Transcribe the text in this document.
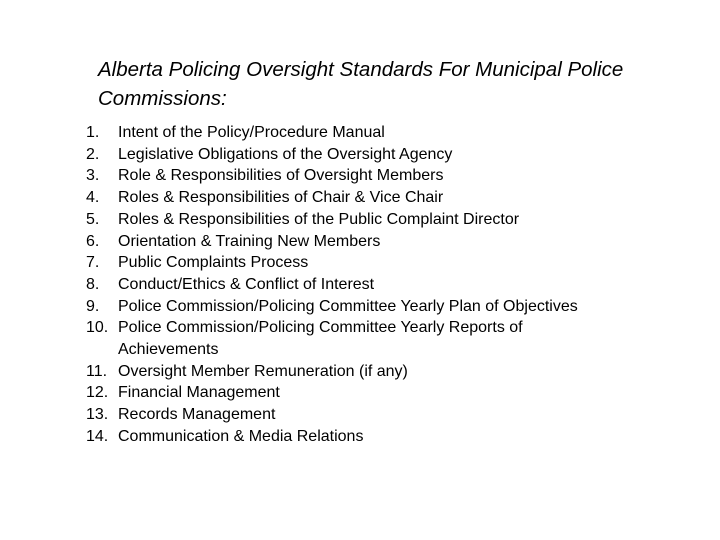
Alberta Policing Oversight Standards For Municipal Police Commissions:
1.	Intent of the Policy/Procedure Manual
2.	Legislative Obligations of the Oversight Agency
3.	Role & Responsibilities of Oversight Members
4.	Roles & Responsibilities of Chair & Vice Chair
5.	Roles & Responsibilities of the Public Complaint Director
6.	Orientation & Training New Members
7.	Public Complaints Process
8.	Conduct/Ethics & Conflict of Interest
9.	Police Commission/Policing Committee Yearly Plan of Objectives
10. Police Commission/Policing Committee Yearly Reports of Achievements
11. Oversight Member Remuneration (if any)
12. Financial Management
13. Records Management
14. Communication & Media Relations
